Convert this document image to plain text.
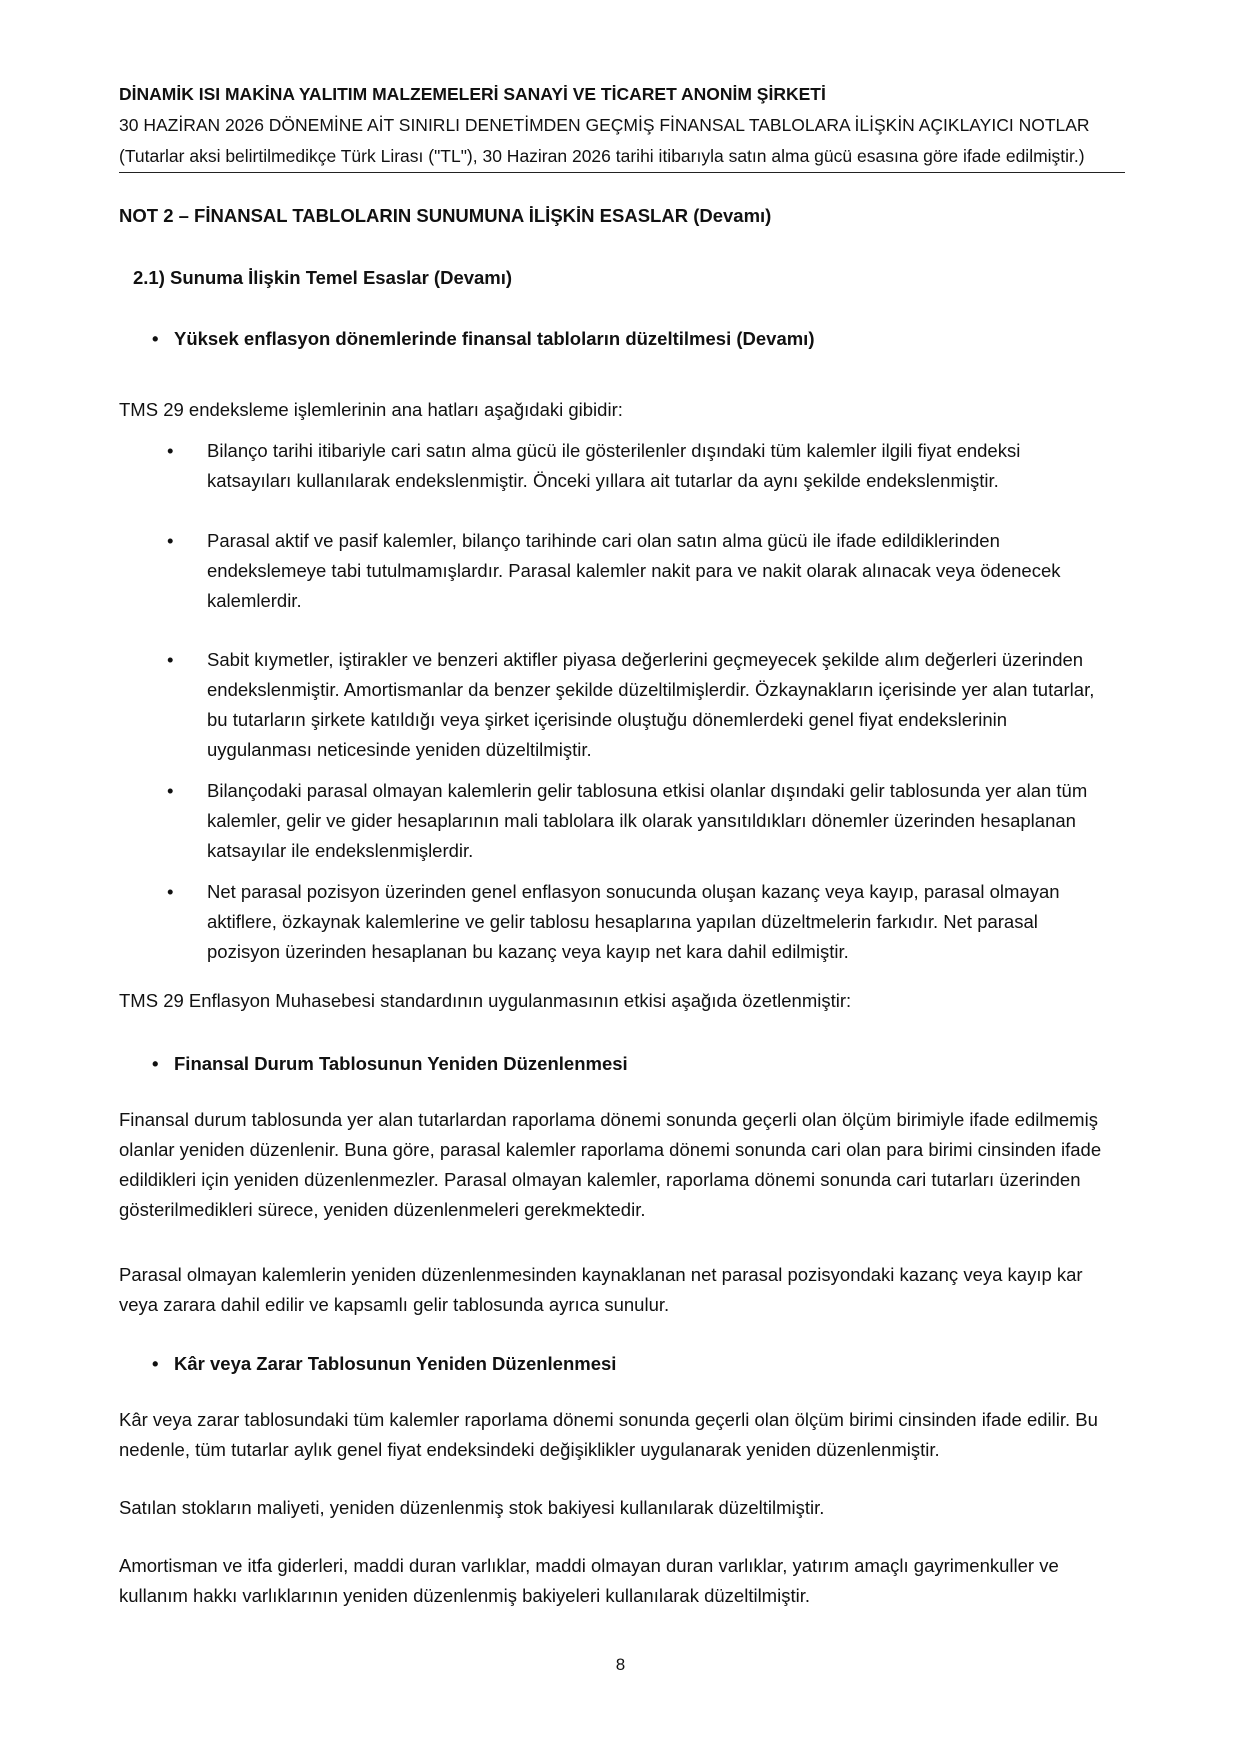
DİNAMİK ISI MAKİNA YALITIM MALZEMELERİ SANAYİ VE TİCARET ANONİM ŞİRKETİ

30 HAZİRAN 2026 DÖNEMİNE AİT SINIRLI DENETİMDEN GEÇMİŞ FİNANSAL TABLOLARA İLİŞKİN AÇIKLAYICI NOTLAR

(Tutarlar aksi belirtilmedikçe Türk Lirası ("TL"), 30 Haziran 2026 tarihi itibarıyla satın alma gücü esasına göre ifade edilmiştir.)

NOT 2 – FİNANSAL TABLOLARIN SUNUMUNA İLİŞKİN ESASLAR (Devamı)
2.1) Sunuma İlişkin Temel Esaslar (Devamı)
• Yüksek enflasyon dönemlerinde finansal tabloların düzeltilmesi (Devamı)

TMS 29 endeksleme işlemlerinin ana hatları aşağıdaki gibidir:

• Bilanço tarihi itibariyle cari satın alma gücü ile gösterilenler dışındaki tüm kalemler ilgili fiyat endeksi
katsayıları kullanılarak endekslenmiştir. Önceki yıllara ait tutarlar da aynı şekilde endekslenmiştir.
• Parasal aktif ve pasif kalemler, bilanço tarihinde cari olan satın alma gücü ile ifade edildiklerinden
endekslemeye tabi tutulmamışlardır. Parasal kalemler nakit para ve nakit olarak alınacak veya ödenecek
kalemlerdir.
• Sabit kıymetler, iştirakler ve benzeri aktifler piyasa değerlerini geçmeyecek şekilde alım değerleri üzerinden
endekslenmiştir. Amortismanlar da benzer şekilde düzeltilmişlerdir. Özkaynakların içerisinde yer alan tutarlar,
bu tutarların şirkete katıldığı veya şirket içerisinde oluştuğu dönemlerdeki genel fiyat endekslerinin
uygulanması neticesinde yeniden düzeltilmiştir.
• Bilançodaki parasal olmayan kalemlerin gelir tablosuna etkisi olanlar dışındaki gelir tablosunda yer alan tüm
kalemler, gelir ve gider hesaplarının mali tablolara ilk olarak yansıtıldıkları dönemler üzerinden hesaplanan
katsayılar ile endekslenmişlerdir.
• Net parasal pozisyon üzerinden genel enflasyon sonucunda oluşan kazanç veya kayıp, parasal olmayan
aktiflere, özkaynak kalemlerine ve gelir tablosu hesaplarına yapılan düzeltmelerin farkıdır. Net parasal
pozisyon üzerinden hesaplanan bu kazanç veya kayıp net kara dahil edilmiştir.

TMS 29 Enflasyon Muhasebesi standardının uygulanmasının etkisi aşağıda özetlenmiştir:

• Finansal Durum Tablosunun Yeniden Düzenlenmesi
Finansal durum tablosunda yer alan tutarlardan raporlama dönemi sonunda geçerli olan ölçüm birimiyle ifade edilmemiş
olanlar yeniden düzenlenir. Buna göre, parasal kalemler raporlama dönemi sonunda cari olan para birimi cinsinden ifade
edildikleri için yeniden düzenlenmezler. Parasal olmayan kalemler, raporlama dönemi sonunda cari tutarları üzerinden
gösterilmedikleri sürece, yeniden düzenlenmeleri gerekmektedir.
Parasal olmayan kalemlerin yeniden düzenlenmesinden kaynaklanan net parasal pozisyondaki kazanç veya kayıp kar
veya zarara dahil edilir ve kapsamlı gelir tablosunda ayrıca sunulur.
• Kâr veya Zarar Tablosunun Yeniden Düzenlenmesi
Kâr veya zarar tablosundaki tüm kalemler raporlama dönemi sonunda geçerli olan ölçüm birimi cinsinden ifade edilir. Bu
nedenle, tüm tutarlar aylık genel fiyat endeksindeki değişiklikler uygulanarak yeniden düzenlenmiştir.

Satılan stokların maliyeti, yeniden düzenlenmiş stok bakiyesi kullanılarak düzeltilmiştir.

Amortisman ve itfa giderleri, maddi duran varlıklar, maddi olmayan duran varlıklar, yatırım amaçlı gayrimenkuller ve
kullanım hakkı varlıklarının yeniden düzenlenmiş bakiyeleri kullanılarak düzeltilmiştir.
8
